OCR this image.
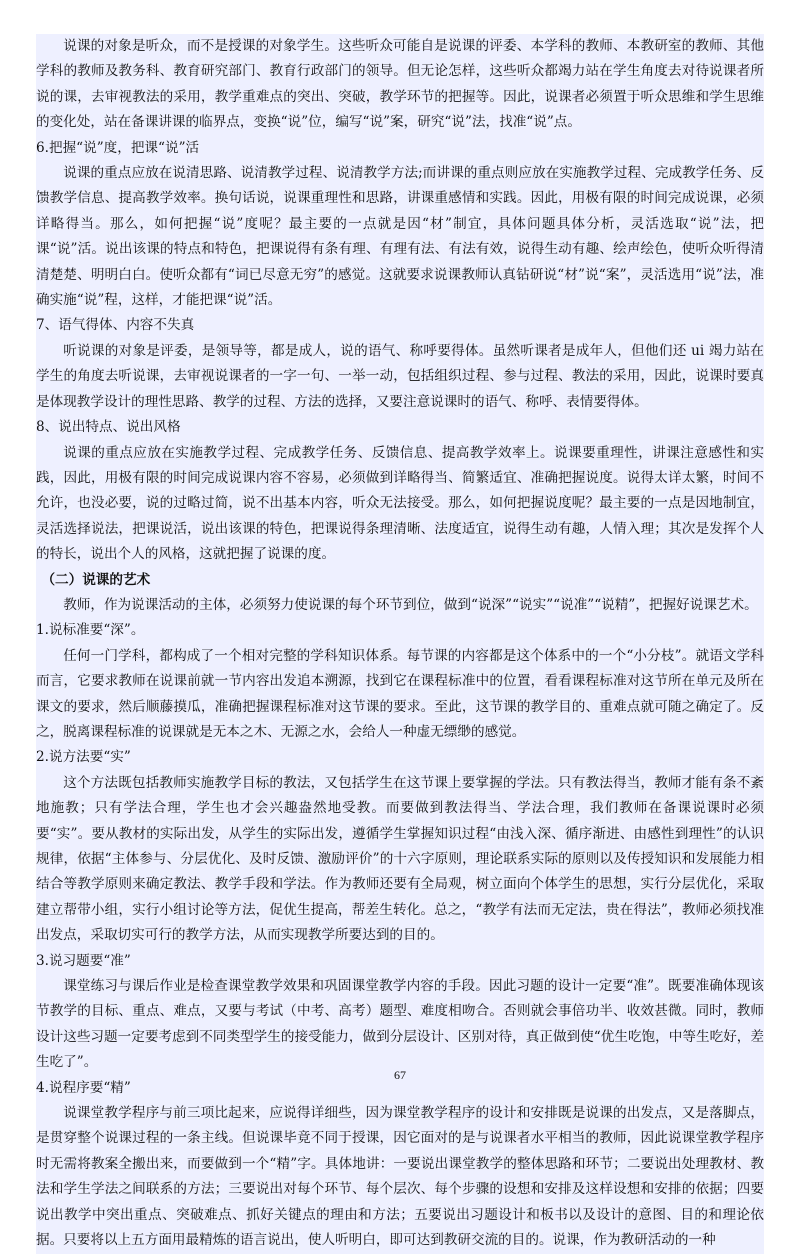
说课的对象是听众，而不是授课的对象学生。这些听众可能自是说课的评委、本学科的教师、本教研室的教师、其他学科的教师及教务科、教育研究部门、教育行政部门的领导。但无论怎样，这些听众都竭力站在学生角度去对待说课者所说的课，去审视教法的采用，教学重难点的突出、突破，教学环节的把握等。因此，说课者必须置于听众思维和学生思维的变化处，站在备课讲课的临界点，变换“说”位，编写“说”案，研究“说”法，找准“说”点。

6.把握“说”度，把课“说”活

说课的重点应放在说清思路、说清教学过程、说清教学方法;而讲课的重点则应放在实施教学过程、完成教学任务、反馈教学信息、提高教学效率。换句话说，说课重理性和思路，讲课重感情和实践。因此，用极有限的时间完成说课，必须详略得当。那么，如何把握“说”度呢？最主要的一点就是因“材”制宜，具体问题具体分析，灵活选取“说”法，把课“说”活。说出该课的特点和特色，把课说得有条有理、有理有法、有法有效，说得生动有趣、绘声绘色，使听众听得清清楚楚、明明白白。使听众都有“词已尽意无穷”的感觉。这就要求说课教师认真钻研说“材”说“案”，灵活选用“说”法，准确实施“说”程，这样，才能把课“说”活。

7、语气得体、内容不失真

听说课的对象是评委，是领导等，都是成人，说的语气、称呼要得体。虽然听课者是成年人，但他们还 ui 竭力站在学生的角度去听说课，去审视说课者的一字一句、一举一动，包括组织过程、参与过程、教法的采用，因此，说课时要真是体现教学设计的理性思路、教学的过程、方法的选择，又要注意说课时的语气、称呼、表情要得体。

8、说出特点、说出风格

说课的重点应放在实施教学过程、完成教学任务、反馈信息、提高教学效率上。说课要重理性，讲课注意感性和实践，因此，用极有限的时间完成说课内容不容易，必须做到详略得当、简繁适宜、准确把握说度。说得太详太繁，时间不允许，也没必要，说的过略过简，说不出基本内容，听众无法接受。那么，如何把握说度呢？最主要的一点是因地制宜，灵活选择说法，把课说活，说出该课的特色，把课说得条理清晰、法度适宜，说得生动有趣，人情入理；其次是发挥个人的特长，说出个人的风格，这就把握了说课的度。

（二）说课的艺术

教师，作为说课活动的主体，必须努力使说课的每个环节到位，做到“说深”“说实”“说准”“说精”，把握好说课艺术。

1.说标准要“深”。

任何一门学科，都构成了一个相对完整的学科知识体系。每节课的内容都是这个体系中的一个“小分枝”。就语文学科而言，它要求教师在说课前就一节内容出发追本溯源，找到它在课程标准中的位置，看看课程标准对这节所在单元及所在课文的要求，然后顺藤摸瓜，准确把握课程标准对这节课的要求。至此，这节课的教学目的、重难点就可随之确定了。反之，脱离课程标准的说课就是无本之木、无源之水，会给人一种虚无缥缈的感觉。

2.说方法要“实”

这个方法既包括教师实施教学目标的教法，又包括学生在这节课上要掌握的学法。只有教法得当，教师才能有条不紊地施教；只有学法合理，学生也才会兴趣盎然地受教。而要做到教法得当、学法合理，我们教师在备课说课时必须要“实”。要从教材的实际出发，从学生的实际出发，遵循学生掌握知识过程“由浅入深、循序渐进、由感性到理性”的认识规律，依据“主体参与、分层优化、及时反馈、激励评价”的十六字原则，理论联系实际的原则以及传授知识和发展能力相结合等教学原则来确定教法、教学手段和学法。作为教师还要有全局观，树立面向个体学生的思想，实行分层优化，采取建立帮带小组，实行小组讨论等方法，促优生提高，帮差生转化。总之，“教学有法而无定法，贵在得法”，教师必须找准出发点，采取切实可行的教学方法，从而实现教学所要达到的目的。

3.说习题要“准”

课堂练习与课后作业是检查课堂教学效果和巩固课堂教学内容的手段。因此习题的设计一定要“准”。既要准确体现该节教学的目标、重点、难点，又要与考试（中考、高考）题型、难度相吻合。否则就会事倍功半、收效甚微。同时，教师设计这些习题一定要考虑到不同类型学生的接受能力，做到分层设计、区别对待，真正做到使“优生吃饱，中等生吃好，差生吃了”。

4.说程序要“精”

说课堂教学程序与前三项比起来，应说得详细些，因为课堂教学程序的设计和安排既是说课的出发点，又是落脚点，是贯穿整个说课过程的一条主线。但说课毕竟不同于授课，因它面对的是与说课者水平相当的教师，因此说课堂教学程序时无需将教案全搬出来，而要做到一个“精”字。具体地讲：一要说出课堂教学的整体思路和环节；二要说出处理教材、教法和学生学法之间联系的方法；三要说出对每个环节、每个层次、每个步骤的设想和安排及这样设想和安排的依据；四要说出教学中突出重点、突破难点、抓好关键点的理由和方法；五要说出习题设计和板书以及设计的意图、目的和理论依据。只要将以上五方面用最精炼的语言说出，使人听明白，即可达到教研交流的目的。说课，作为教研活动的一种

67
